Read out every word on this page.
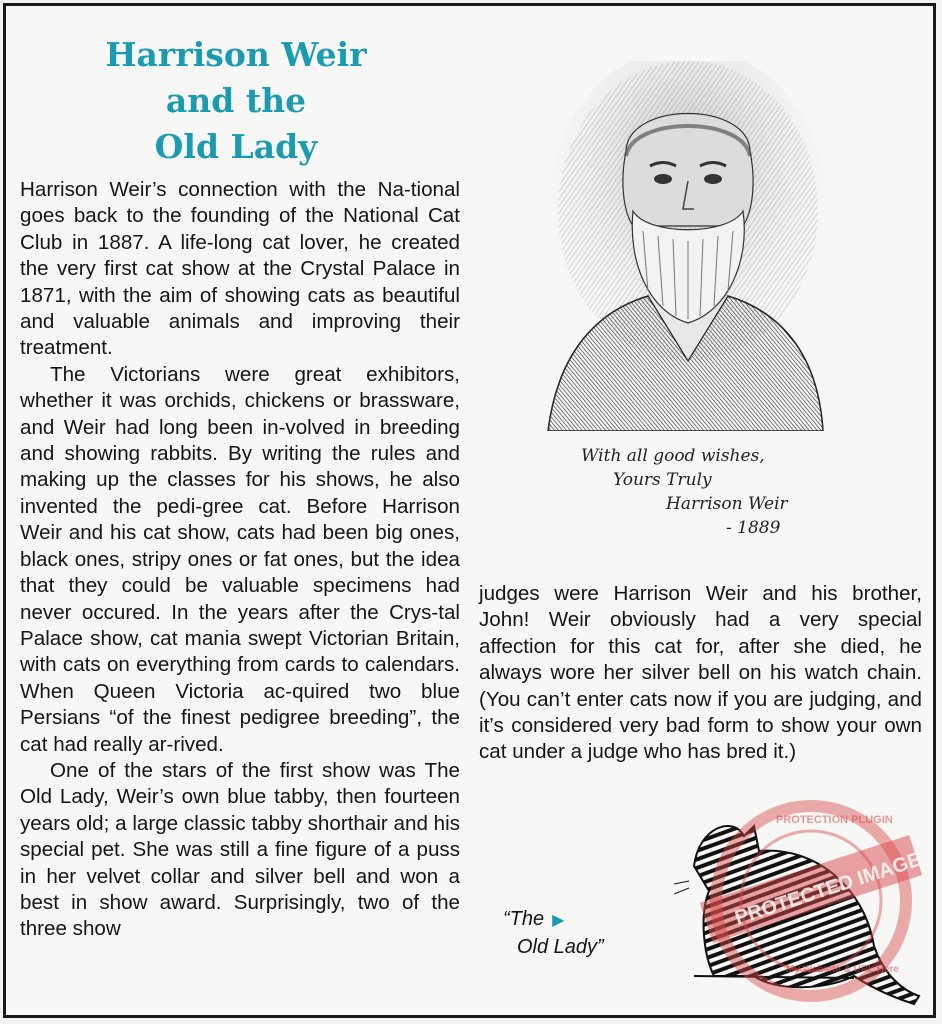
Harrison Weir
and the
Old Lady

Harrison Weir’s connection with the Na-tional goes back to the founding of the National Cat Club in 1887. A life-long cat lover, he created the very first cat show at the Crystal Palace in 1871, with the aim of showing cats as beautiful and valuable animals and improving their treatment.

The Victorians were great exhibitors, whether it was orchids, chickens or brassware, and Weir had long been in-volved in breeding and showing rabbits. By writing the rules and making up the classes for his shows, he also invented the pedi-gree cat. Before Harrison Weir and his cat show, cats had been big ones, black ones, stripy ones or fat ones, but the idea that they could be valuable specimens had never occured. In the years after the Crys-tal Palace show, cat mania swept Victorian Britain, with cats on everything from cards to calendars. When Queen Victoria ac-quired two blue Persians “of the finest pedigree breeding”, the cat had really ar-rived.

One of the stars of the first show was The Old Lady, Weir’s own blue tabby, then fourteen years old; a large classic tabby shorthair and his special pet. She was still a fine figure of a puss in her velvet collar and silver bell and won a best in show award. Surprisingly, two of the three show

judges were Harrison Weir and his brother, John! Weir obviously had a very special affection for this cat for, after she died, he always wore her silver bell on his watch chain. (You can’t enter cats now if you are judging, and it’s considered very bad form to show your own cat under a judge who has bred it.)

With all good wishes,
Yours Truly
Harrison Weir
- 1889
“The ▶
Old Lady”
PROTECTION PLUGIN
PROTECTED IMAGE
My Website & URL Here
